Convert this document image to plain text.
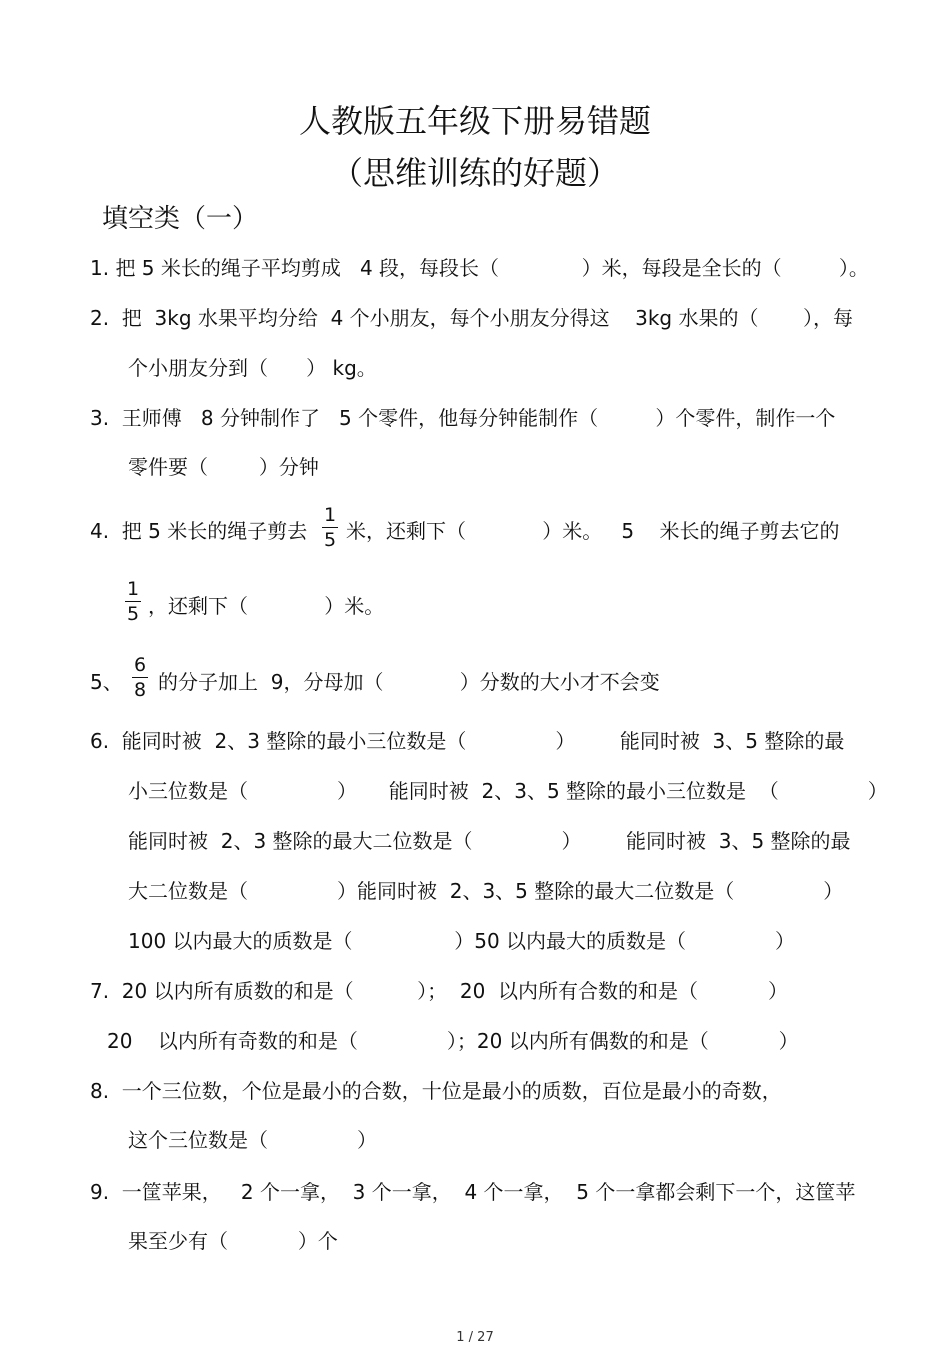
人教版五年级下册易错题
（思维训练的好题）
填空类（一）
1. 把 5 米长的绳子平均剪成   4 段，每段长（             ）米，每段是全长的（         ）。
2.  把  3kg 水果平均分给  4 个小朋友，每个小朋友分得这    3kg 水果的（       ），每
个小朋友分到（      ） kg。
3.  王师傅   8 分钟制作了   5 个零件，他每分钟能制作（         ）个零件，制作一个
零件要（        ）分钟
4.  把 5 米长的绳子剪去
1
5 米，还剩下（            ）米。   5    米长的绳子剪去它的
1
5 ，还剩下（            ）米。
5、
6
8 的分子加上  9，分母加（            ）分数的大小才不会变
6.  能同时被  2、3 整除的最小三位数是（              ）       能同时被  3、5 整除的最
小三位数是（              ）     能同时被  2、3、5 整除的最小三位数是  （              ）
能同时被  2、3 整除的最大二位数是（              ）       能同时被  3、5 整除的最
大二位数是（              ）能同时被  2、3、5 整除的最大二位数是（              ）
100 以内最大的质数是（                ）50 以内最大的质数是（              ）
7.  20 以内所有质数的和是（          ）；  20  以内所有合数的和是（           ）
20    以内所有奇数的和是（              ）；20 以内所有偶数的和是（           ）
8.  一个三位数，个位是最小的合数，十位是最小的质数，百位是最小的奇数，
这个三位数是（              ）
9.  一筐苹果，   2 个一拿，  3 个一拿，  4 个一拿，  5 个一拿都会剩下一个，这筐苹
果至少有（           ）个
1 / 27
